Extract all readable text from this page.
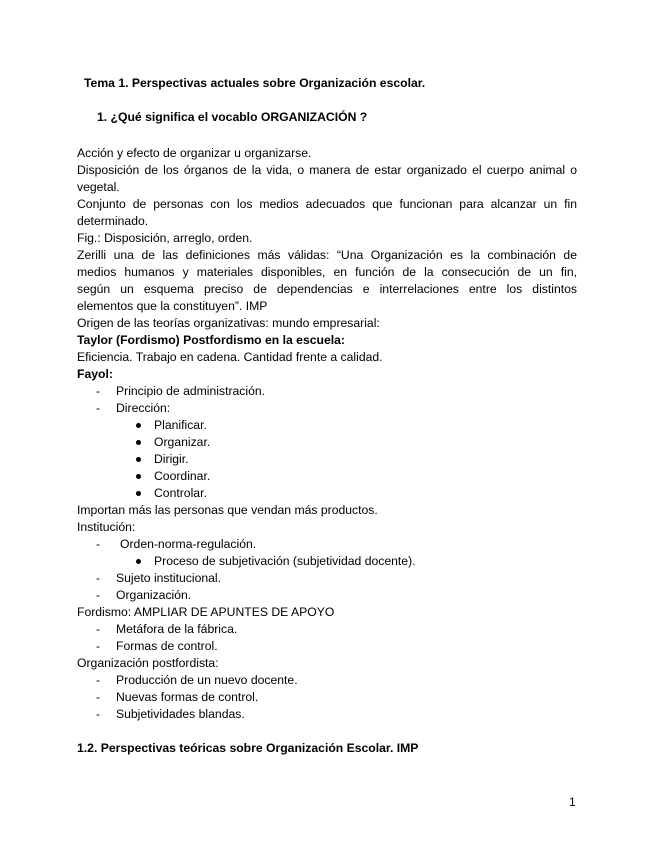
Tema 1. Perspectivas actuales sobre Organización escolar.
1. ¿Qué significa el vocablo ORGANIZACIÓN ?
Acción y efecto de organizar u organizarse.
Disposición de los órganos de la vida, o manera de estar organizado el cuerpo animal o
vegetal.
Conjunto de personas con los medios adecuados que funcionan para alcanzar un fin
determinado.
Fig.: Disposición, arreglo, orden.
Zerilli una de las definiciones más válidas: “Una Organización es la combinación de
medios humanos y materiales disponibles, en función de la consecución de un fin,
según un esquema preciso de dependencias e interrelaciones entre los distintos
elementos que la constituyen”. IMP
Origen de las teorías organizativas: mundo empresarial:
Taylor (Fordismo) Postfordismo en la escuela:
Eficiencia. Trabajo en cadena. Cantidad frente a calidad.
Fayol:
- Principio de administración.
- Dirección:
Planificar.
Organizar.
Dirigir.
Coordinar.
Controlar.
Importan más las personas que vendan más productos.
Institución:
- Orden-norma-regulación.
Proceso de subjetivación (subjetividad docente).
- Sujeto institucional.
- Organización.
Fordismo: AMPLIAR DE APUNTES DE APOYO
- Metáfora de la fábrica.
- Formas de control.
Organización postfordista:
- Producción de un nuevo docente.
- Nuevas formas de control.
- Subjetividades blandas.
1.2. Perspectivas teóricas sobre Organización Escolar. IMP
1
